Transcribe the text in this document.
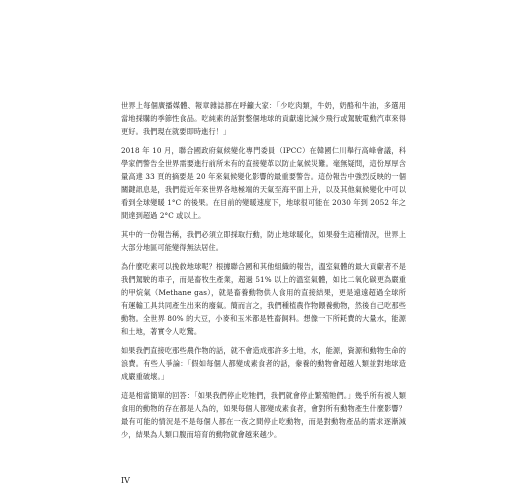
世界上每個廣播媒體、報章雜誌都在呼籲大家：「少吃肉類，牛奶，奶酪和牛油，多選用當地採購的季節性食品。吃純素的話對整個地球的貢獻遠比減少飛行或駕駛電動汽車來得更好。我們現在就要即時進行！」

2018 年 10 月，聯合國政府氣候變化專門委員（IPCC）在韓國仁川舉行高峰會議，科學家們警告全世界需要進行前所未有的直接變革以防止氣候災難。毫無疑問，這份厚厚含量高達 33 頁的摘要是 20 年來氣候變化影響的最重要警告。這份報告中強烈反映的一個關鍵訊息是，我們從近年來世界各地極端的天氣至海平面上升，以及其他氣候變化中可以看到全球變暖 1°C 的後果。在目前的變暖速度下，地球很可能在 2030 年到 2052 年之間達到超過 2°C 或以上。

其中的一份報告稱，我們必須立即採取行動，防止地球暖化，如果發生這種情況，世界上大部分地區可能變得無法居住。

為什麼吃素可以挽救地球呢？根據聯合國和其他組織的報告，溫室氣體的最大貢獻者不是我們駕駛的車子，而是畜牧生產業，超過 51% 以上的溫室氣體，如比二氧化碳更為嚴重的甲烷氣（Methane gas），就是畜養動物供人食用的直接結果，更是遠遠超過全球所有運輸工具共同產生出來的廢氣。簡而言之，我們種植農作物餵養動物，然後自己吃那些動物。全世界 80% 的大豆，小麥和玉米都是牲畜飼料。想像一下所耗費的大量水，能源和土地，著實令人吃驚。

如果我們直接吃那些農作物的話，就不會造成那許多土地，水，能源，資源和動物生命的浪費。有些人爭論：「假如每個人都變成素食者的話，豢養的動物會超越人類並對地球造成嚴重破壞。」

這是相當簡單的回答：「如果我們停止吃牠們，我們就會停止繁殖牠們。」幾乎所有被人類食用的動物的存在都是人為的，如果每個人都變成素食者，會對所有動物產生什麼影響？最有可能的情況是不是每個人都在一夜之間停止吃動物，而是對動物產品的需求逐漸減少，結果為人類口腹而培育的動物就會越來越少。

IV
